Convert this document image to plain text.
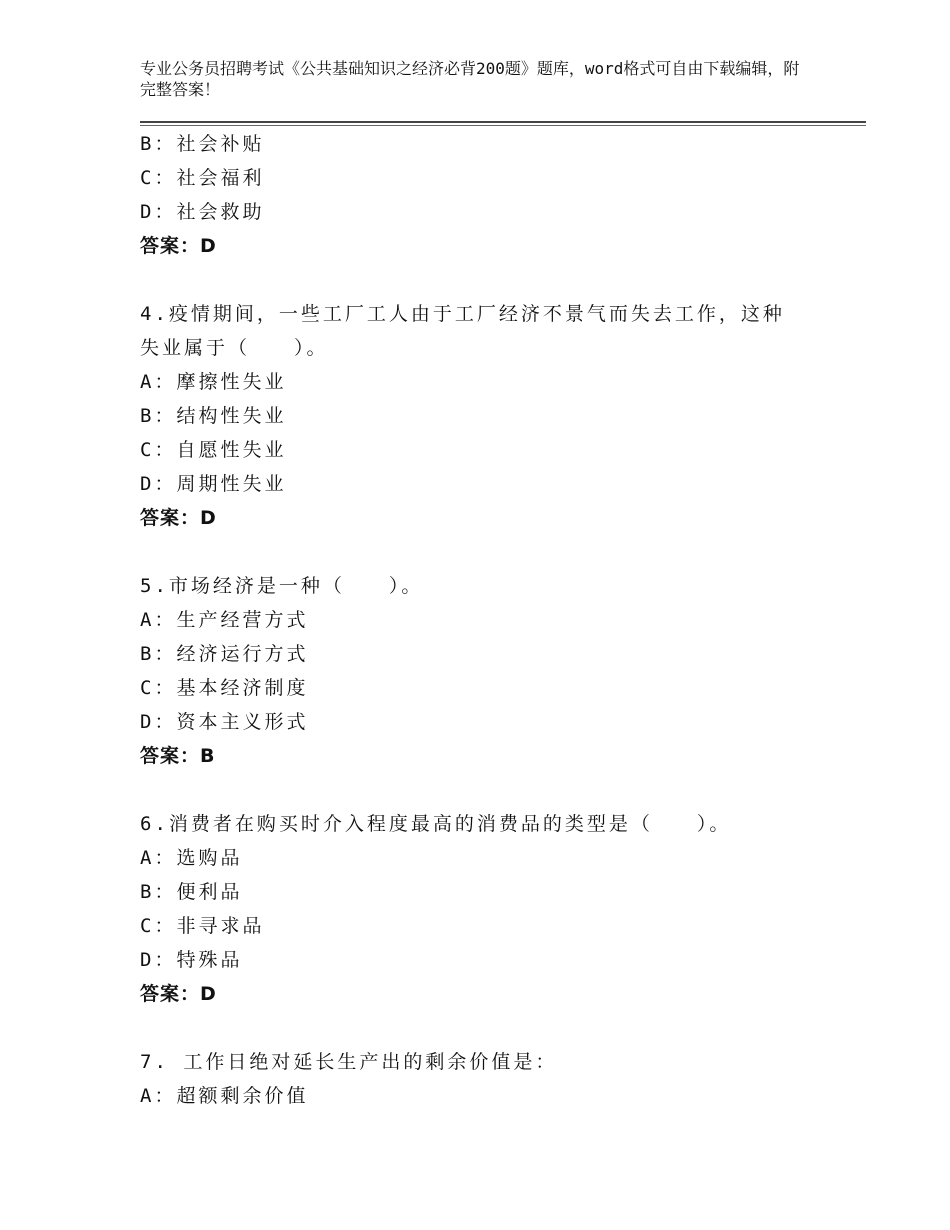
专业公务员招聘考试《公共基础知识之经济必背200题》题库，word格式可自由下载编辑，附完整答案！
B：社会补贴
C：社会福利
D：社会救助
答案：D
4.疫情期间，一些工厂工人由于工厂经济不景气而失去工作，这种失业属于（　　）。
A：摩擦性失业
B：结构性失业
C：自愿性失业
D：周期性失业
答案：D
5.市场经济是一种（　　）。
A：生产经营方式
B：经济运行方式
C：基本经济制度
D：资本主义形式
答案：B
6.消费者在购买时介入程度最高的消费品的类型是（　　）。
A：选购品
B：便利品
C：非寻求品
D：特殊品
答案：D
7. 工作日绝对延长生产出的剩余价值是：
A：超额剩余价值
